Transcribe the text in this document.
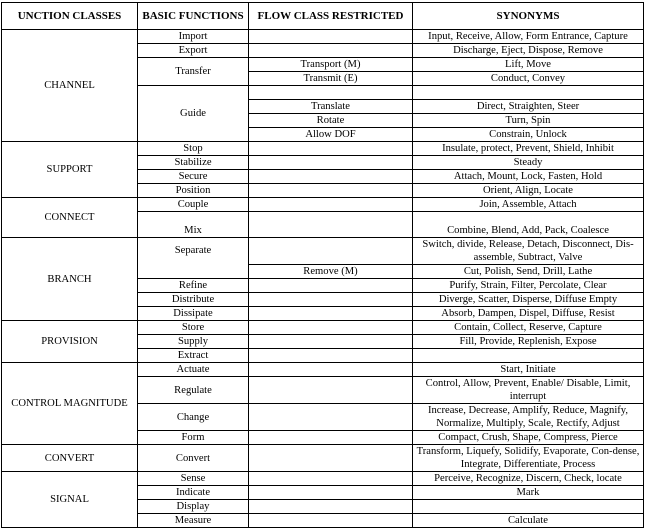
UNCTION CLASSES	BASIC FUNCTIONS	FLOW CLASS RESTRICTED	SYNONYMS
CHANNEL	Import		Input, Receive, Allow, Form Entrance, Capture
	Export		Discharge, Eject, Dispose, Remove
	Transfer	Transport (M)	Lift, Move
		Transmit (E)	Conduct, Convey
	Guide		
		Translate	Direct, Straighten, Steer
		Rotate	Turn, Spin
		Allow DOF	Constrain, Unlock
SUPPORT	Stop		Insulate, protect, Prevent, Shield, Inhibit
	Stabilize		Steady
	Secure		Attach, Mount, Lock, Fasten, Hold
	Position		Orient, Align, Locate
CONNECT	Couple		Join, Assemble, Attach
	Mix		Combine, Blend, Add, Pack, Coalesce
BRANCH	Separate		Switch, divide, Release, Detach, Disconnect, Dis-assemble, Subtract, Valve
		Remove (M)	Cut, Polish, Send, Drill, Lathe
	Refine		Purify, Strain, Filter, Percolate, Clear
	Distribute		Diverge, Scatter, Disperse, Diffuse Empty
	Dissipate		Absorb, Dampen, Dispel, Diffuse, Resist
PROVISION	Store		Contain, Collect, Reserve, Capture
	Supply		Fill, Provide, Replenish, Expose
	Extract		
CONTROL MAGNITUDE	Actuate		Start, Initiate
	Regulate		Control, Allow, Prevent, Enable/ Disable, Limit, interrupt
	Change		Increase, Decrease, Amplify, Reduce, Magnify, Normalize, Multiply, Scale, Rectify, Adjust
	Form		Compact, Crush, Shape, Compress, Pierce
CONVERT	Convert		Transform, Liquefy, Solidify, Evaporate, Con-dense, Integrate, Differentiate, Process
SIGNAL	Sense		Perceive, Recognize, Discern, Check, locate
	Indicate		Mark
	Display		
	Measure		Calculate
